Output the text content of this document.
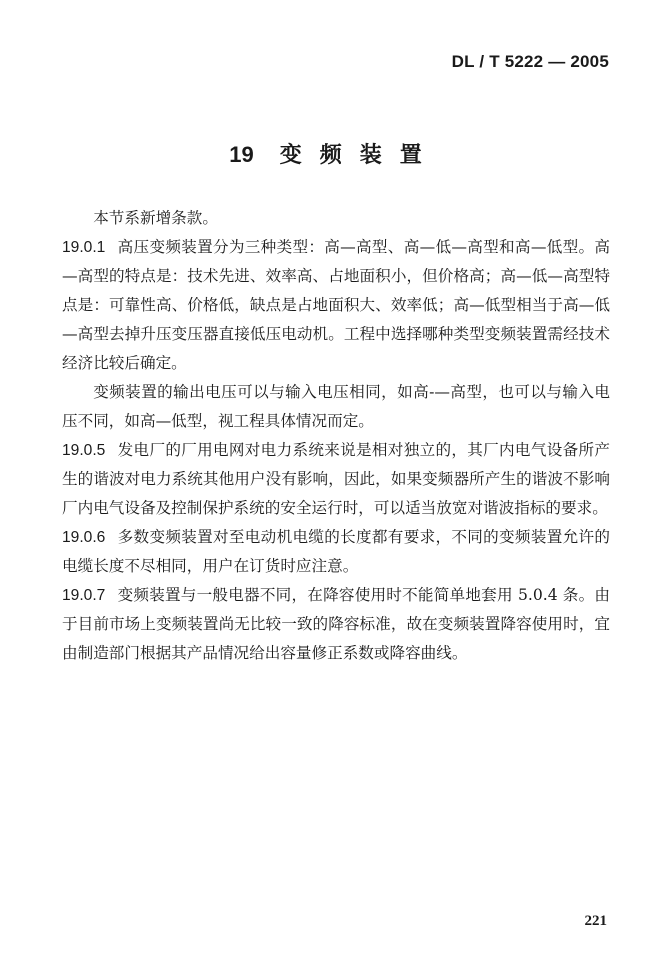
DL / T 5222 — 2005
19 变频装置

本节系新增条款。

19.0.1 高压变频装置分为三种类型：高—高型、高—低—高型和高—低型。高—高型的特点是：技术先进、效率高、占地面积小，但价格高；高—低—高型特点是：可靠性高、价格低，缺点是占地面积大、效率低；高—低型相当于高—低—高型去掉升压变压器直接低压电动机。工程中选择哪种类型变频装置需经技术经济比较后确定。

变频装置的输出电压可以与输入电压相同，如高-—高型，也可以与输入电压不同，如高—低型，视工程具体情况而定。

19.0.5 发电厂的厂用电网对电力系统来说是相对独立的，其厂内电气设备所产生的谐波对电力系统其他用户没有影响，因此，如果变频器所产生的谐波不影响厂内电气设备及控制保护系统的安全运行时，可以适当放宽对谐波指标的要求。

19.0.6 多数变频装置对至电动机电缆的长度都有要求，不同的变频装置允许的电缆长度不尽相同，用户在订货时应注意。

19.0.7 变频装置与一般电器不同，在降容使用时不能简单地套用 5.0.4 条。由于目前市场上变频装置尚无比较一致的降容标准，故在变频装置降容使用时，宜由制造部门根据其产品情况给出容量修正系数或降容曲线。

221
